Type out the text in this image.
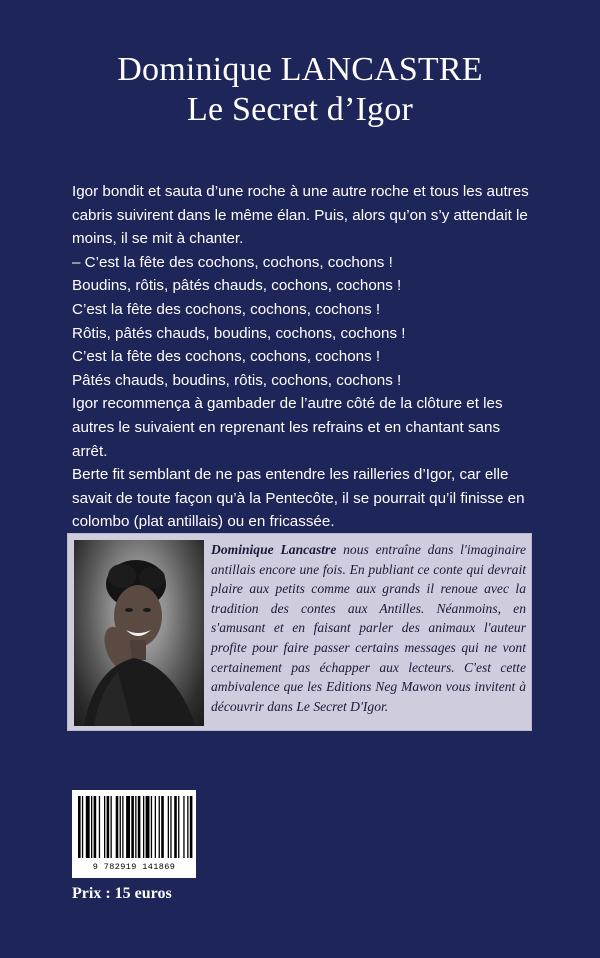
Dominique LANCASTRE
Le Secret d’Igor

Igor bondit et sauta d’une roche à une autre roche et tous les autres cabris suivirent dans le même élan. Puis, alors qu’on s’y attendait le moins, il se mit à chanter.

– C’est la fête des cochons, cochons, cochons !

Boudins, rôtis, pâtés chauds, cochons, cochons !

C’est la fête des cochons, cochons, cochons !

Rôtis, pâtés chauds, boudins, cochons, cochons !

C’est la fête des cochons, cochons, cochons !

Pâtés chauds, boudins, rôtis, cochons, cochons !

Igor recommença à gambader de l’autre côté de la clôture et les autres le suivaient en reprenant les refrains et en chantant sans arrêt.

Berte fit semblant de ne pas entendre les railleries d’Igor, car elle savait de toute façon qu’à la Pentecôte, il se pourrait qu’il finisse en colombo (plat antillais) ou en fricassée.

Dominique Lancastre nous entraîne dans l'imaginaire antillais encore une fois. En publiant ce conte qui devrait plaire aux petits comme aux grands il renoue avec la tradition des contes aux Antilles. Néanmoins, en s'amusant et en faisant parler des animaux l'auteur profite pour faire passer certains messages qui ne vont certainement pas échapper aux lecteurs. C'est cette ambivalence que les Editions Neg Mawon vous invitent à découvrir dans Le Secret D'Igor.
9 782919 141869
Prix : 15 euros
